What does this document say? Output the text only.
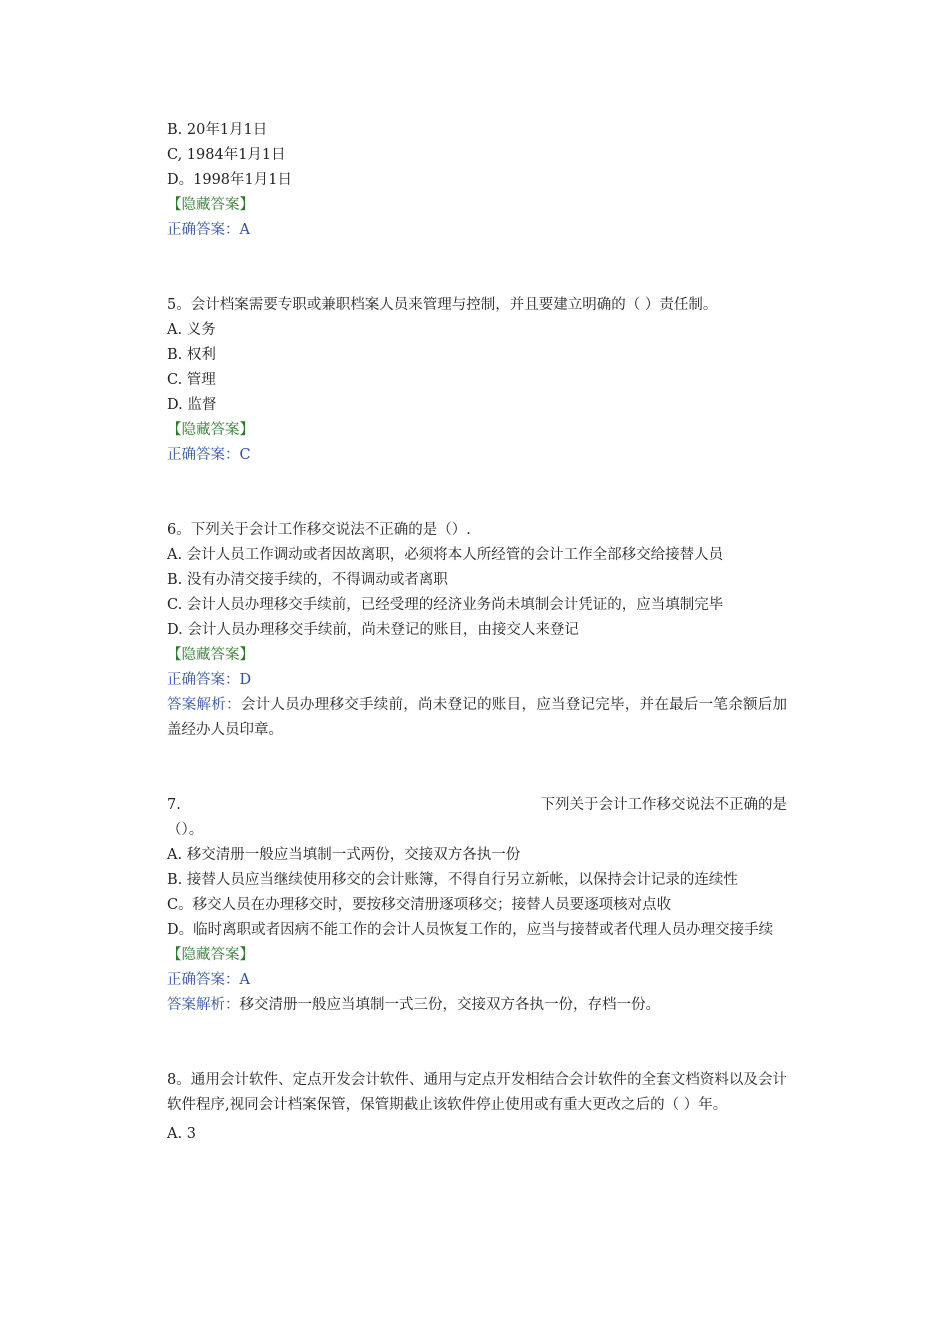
B. 20年1月1日
C, 1984年1月1日
D。1998年1月1日
【隐藏答案】
正确答案：A
5。会计档案需要专职或兼职档案人员来管理与控制，并且要建立明确的（ ）责任制。
A. 义务
B. 权利
C. 管理
D. 监督
【隐藏答案】
正确答案：C
6。下列关于会计工作移交说法不正确的是（）.
A. 会计人员工作调动或者因故离职，必须将本人所经管的会计工作全部移交给接替人员
B. 没有办清交接手续的，不得调动或者离职
C. 会计人员办理移交手续前，已经受理的经济业务尚未填制会计凭证的，应当填制完毕
D. 会计人员办理移交手续前，尚未登记的账目，由接交人来登记
【隐藏答案】
正确答案：D
答案解析：会计人员办理移交手续前，尚未登记的账目，应当登记完毕，并在最后一笔余额后加盖经办人员印章。
7.	下列关于会计工作移交说法不正确的是
（）。
A. 移交清册一般应当填制一式两份，交接双方各执一份
B. 接替人员应当继续使用移交的会计账簿，不得自行另立新帐，以保持会计记录的连续性
C。移交人员在办理移交时，要按移交清册逐项移交；接替人员要逐项核对点收
D。临时离职或者因病不能工作的会计人员恢复工作的，应当与接替或者代理人员办理交接手续
【隐藏答案】
正确答案：A
答案解析：移交清册一般应当填制一式三份，交接双方各执一份，存档一份。
8。通用会计软件、定点开发会计软件、通用与定点开发相结合会计软件的全套文档资料以及会计软件程序,视同会计档案保管，保管期截止该软件停止使用或有重大更改之后的（ ）年。
A. 3
